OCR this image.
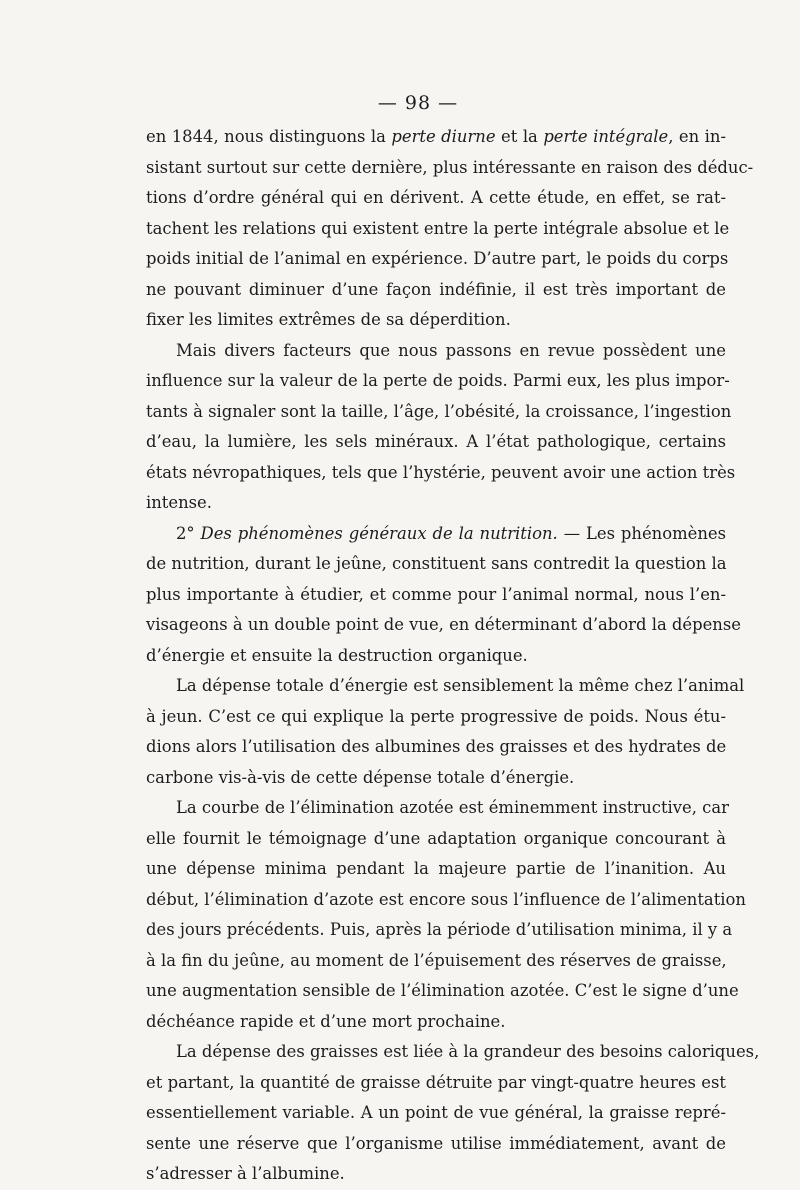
— 98 —
en 1844, nous distinguons la perte diurne et la perte intégrale, en in-
sistant surtout sur cette dernière, plus intéressante en raison des déduc-
tions d’ordre général qui en dérivent. A cette étude, en effet, se rat-
tachent les relations qui existent entre la perte intégrale absolue et le
poids initial de l’animal en expérience. D’autre part, le poids du corps
ne pouvant diminuer d’une façon indéfinie, il est très important de
fixer les limites extrêmes de sa déperdition.
Mais divers facteurs que nous passons en revue possèdent une
influence sur la valeur de la perte de poids. Parmi eux, les plus impor-
tants à signaler sont la taille, l’âge, l’obésité, la croissance, l’ingestion
d’eau, la lumière, les sels minéraux. A l’état pathologique, certains
états névropathiques, tels que l’hystérie, peuvent avoir une action très
intense.
2° Des phénomènes généraux de la nutrition. — Les phénomènes
de nutrition, durant le jeûne, constituent sans contredit la question la
plus importante à étudier, et comme pour l’animal normal, nous l’en-
visageons à un double point de vue, en déterminant d’abord la dépense
d’énergie et ensuite la destruction organique.
La dépense totale d’énergie est sensiblement la même chez l’animal
à jeun. C’est ce qui explique la perte progressive de poids. Nous étu-
dions alors l’utilisation des albumines des graisses et des hydrates de
carbone vis-à-vis de cette dépense totale d’énergie.
La courbe de l’élimination azotée est éminemment instructive, car
elle fournit le témoignage d’une adaptation organique concourant à
une dépense minima pendant la majeure partie de l’inanition. Au
début, l’élimination d’azote est encore sous l’influence de l’alimentation
des jours précédents. Puis, après la période d’utilisation minima, il y a
à la fin du jeûne, au moment de l’épuisement des réserves de graisse,
une augmentation sensible de l’élimination azotée. C’est le signe d’une
déchéance rapide et d’une mort prochaine.
La dépense des graisses est liée à la grandeur des besoins caloriques,
et partant, la quantité de graisse détruite par vingt-quatre heures est
essentiellement variable. A un point de vue général, la graisse repré-
sente une réserve que l’organisme utilise immédiatement, avant de
s’adresser à l’albumine.
